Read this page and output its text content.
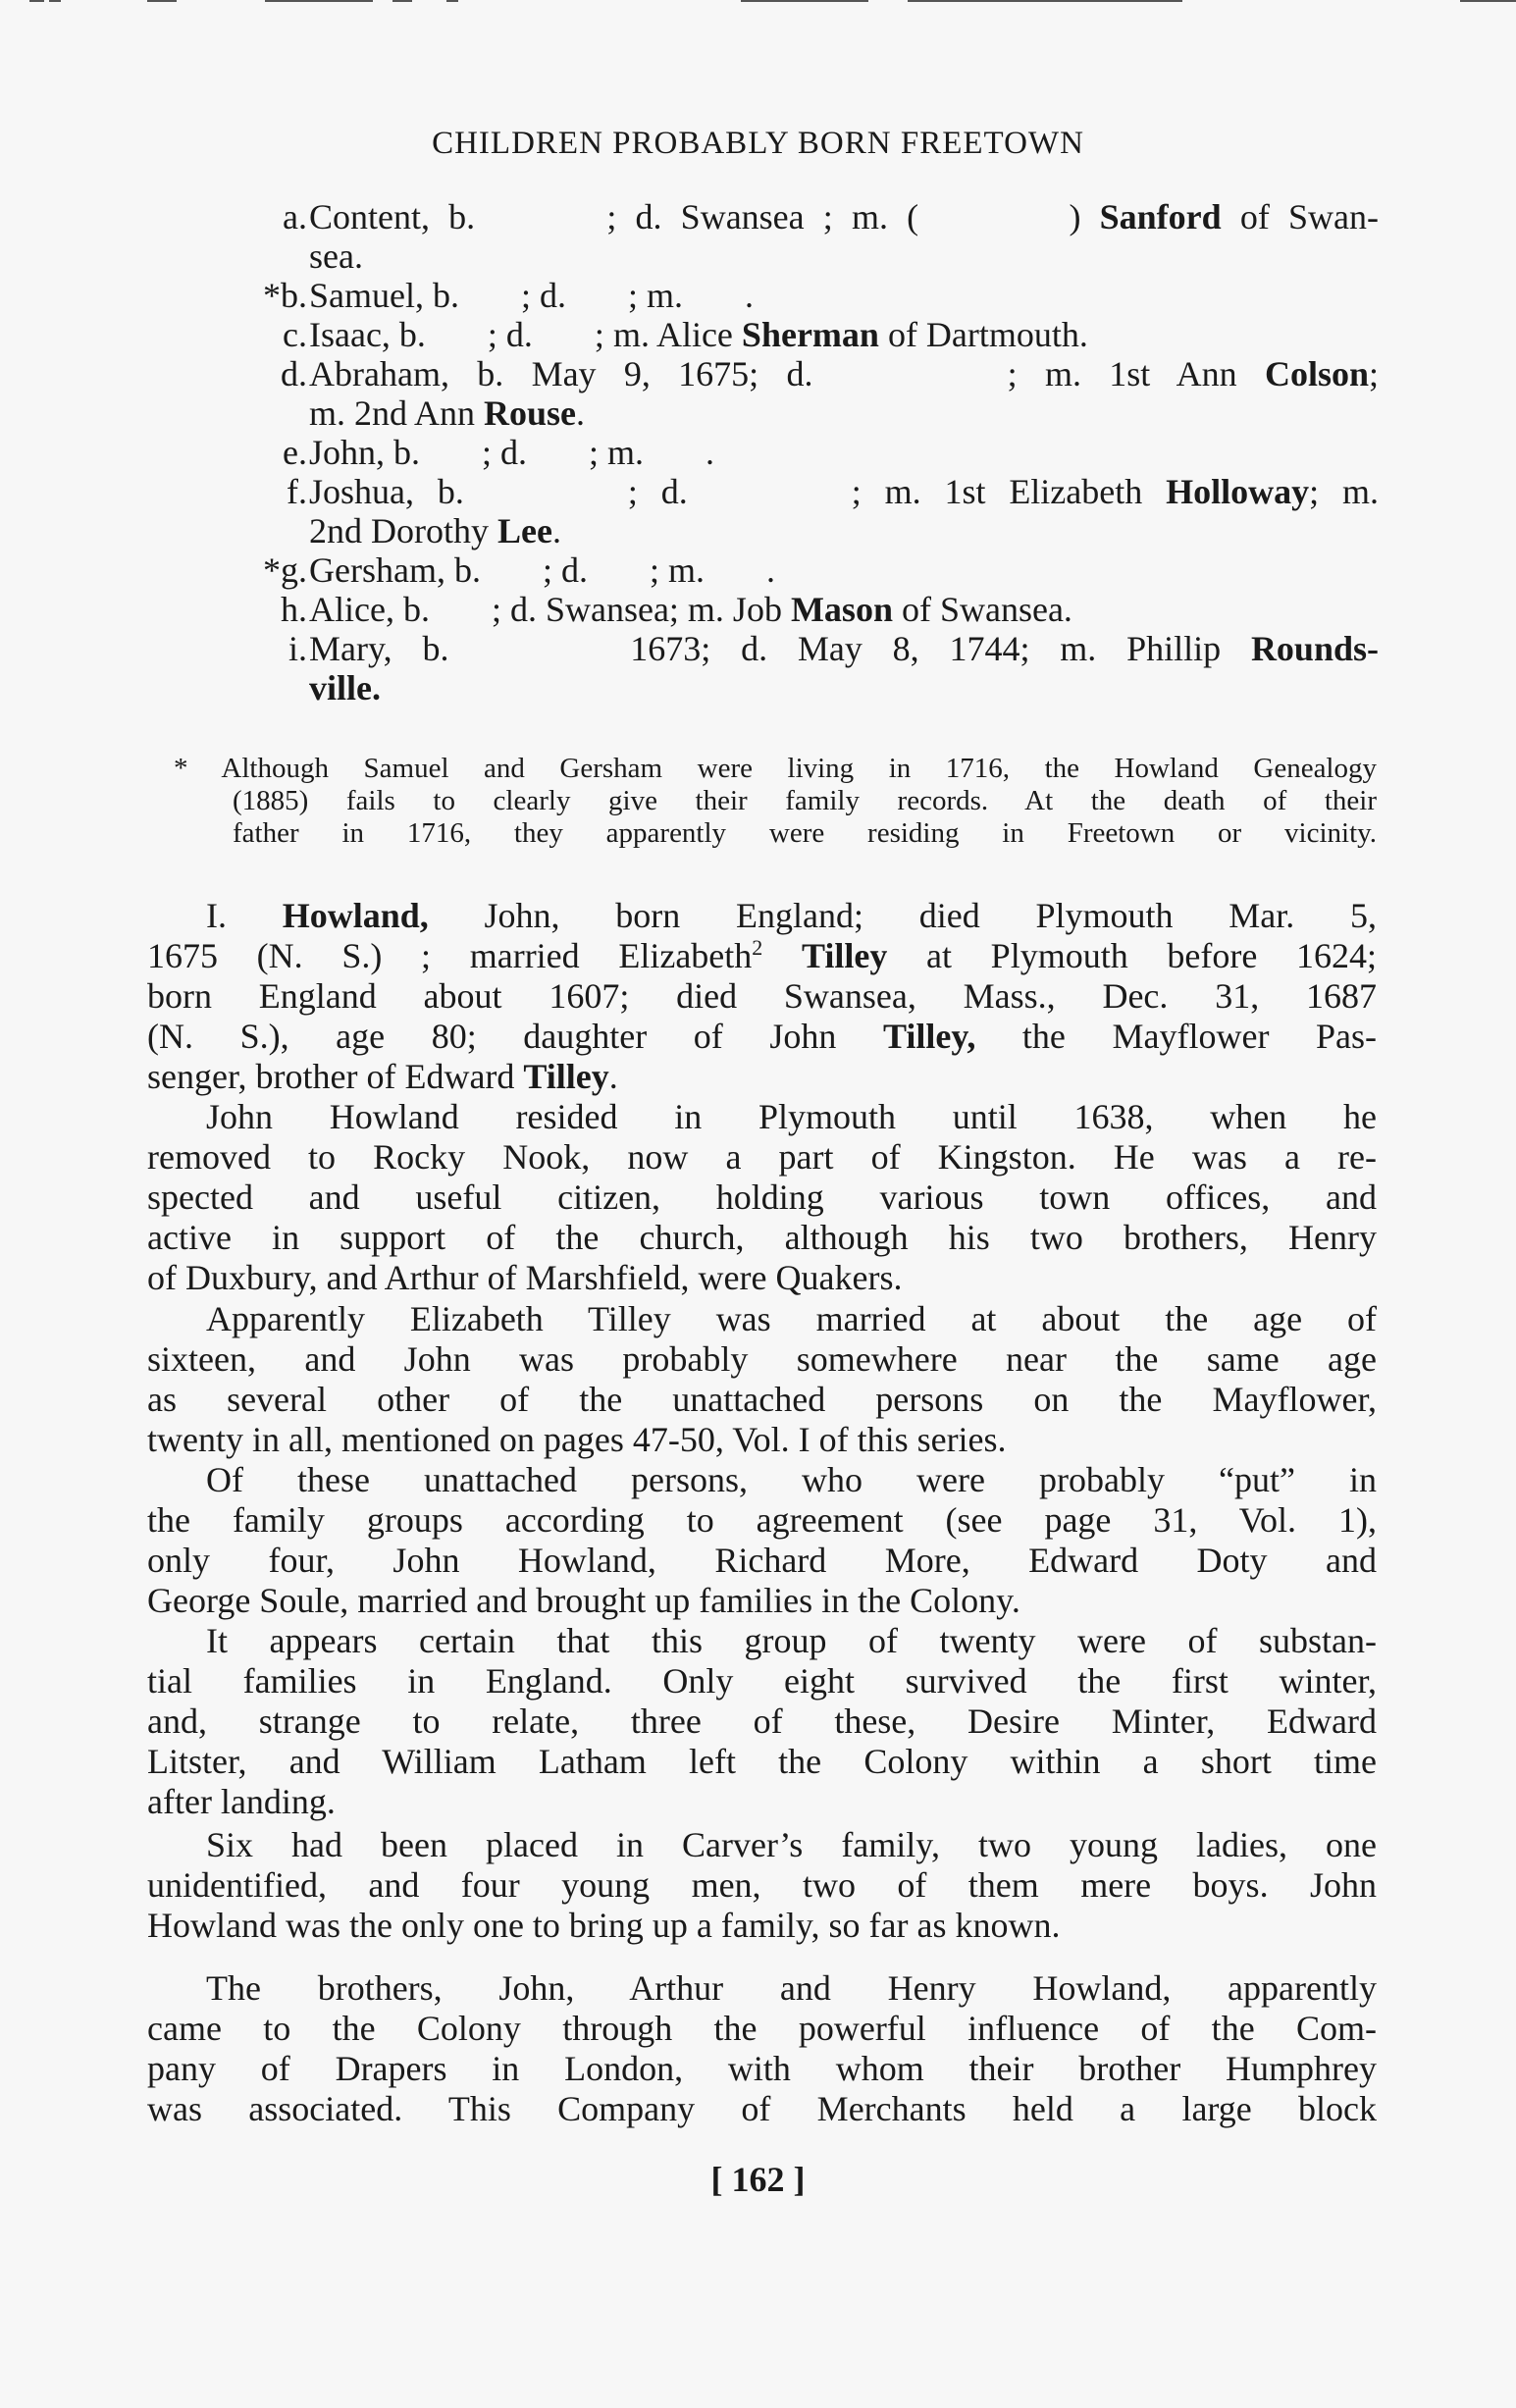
CHILDREN PROBABLY BORN FREETOWN
a. Content, b.       ; d. Swansea ; m. (        ) Sanford of Swan-
sea.
*b. Samuel, b.       ; d.       ; m.       .
c. Isaac, b.       ; d.       ; m. Alice Sherman of Dartmouth.
d. Abraham, b. May 9, 1675; d.       ; m. 1st Ann Colson;
m. 2nd Ann Rouse.
e. John, b.       ; d.       ; m.       .
f. Joshua, b.       ; d.       ; m. 1st Elizabeth Holloway; m.
2nd Dorothy Lee.
*g. Gersham, b.       ; d.       ; m.       .
h. Alice, b.       ; d. Swansea; m. Job Mason of Swansea.
i. Mary, b.      1673; d. May 8, 1744; m. Phillip Rounds-
ville.
* Although Samuel and Gersham were living in 1716, the Howland Genealogy
(1885) fails to clearly give their family records. At the death of their
father in 1716, they apparently were residing in Freetown or vicinity.
I. Howland, John, born England; died Plymouth Mar. 5,
1675 (N. S.) ; married Elizabeth$^2$ Tilley at Plymouth before 1624;
born England about 1607; died Swansea, Mass., Dec. 31, 1687
(N. S.), age 80; daughter of John Tilley, the Mayflower Pas-
senger, brother of Edward Tilley.
John Howland resided in Plymouth until 1638, when he
removed to Rocky Nook, now a part of Kingston. He was a re-
spected and useful citizen, holding various town offices, and
active in support of the church, although his two brothers, Henry
of Duxbury, and Arthur of Marshfield, were Quakers.
Apparently Elizabeth Tilley was married at about the age of
sixteen, and John was probably somewhere near the same age
as several other of the unattached persons on the Mayflower,
twenty in all, mentioned on pages 47-50, Vol. I of this series.
Of these unattached persons, who were probably “put” in
the family groups according to agreement (see page 31, Vol. 1),
only four, John Howland, Richard More, Edward Doty and
George Soule, married and brought up families in the Colony.
It appears certain that this group of twenty were of substan-
tial families in England. Only eight survived the first winter,
and, strange to relate, three of these, Desire Minter, Edward
Litster, and William Latham left the Colony within a short time
after landing.
Six had been placed in Carver’s family, two young ladies, one
unidentified, and four young men, two of them mere boys. John
Howland was the only one to bring up a family, so far as known.
The brothers, John, Arthur and Henry Howland, apparently
came to the Colony through the powerful influence of the Com-
pany of Drapers in London, with whom their brother Humphrey
was associated. This Company of Merchants held a large block
[ 162 ]
